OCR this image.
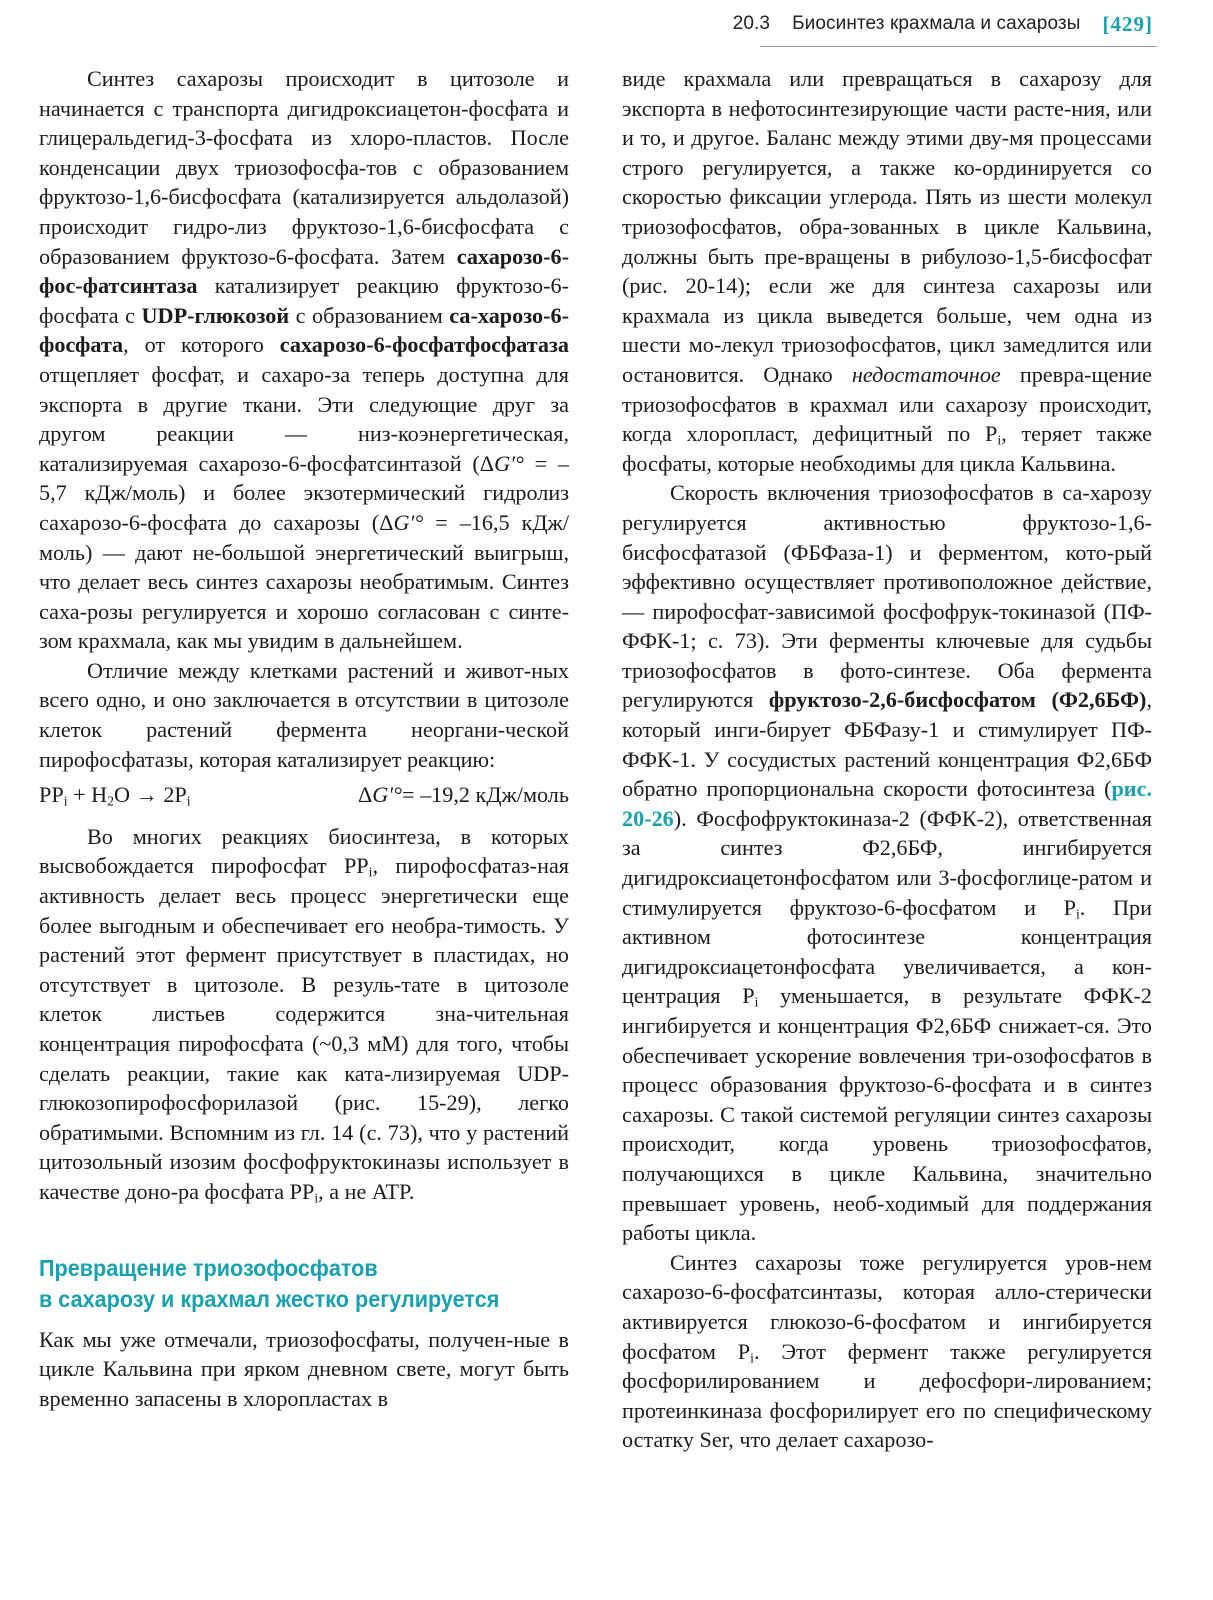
20.3 Биосинтез крахмала и сахарозы [429]

Синтез сахарозы происходит в цитозоле и начинается с транспорта дигидроксиацетон-фосфата и глицеральдегид-3-фосфата из хлоро-пластов. После конденсации двух триозофосфа-тов с образованием фруктозо-1,6-бисфосфата (катализируется альдолазой) происходит гидро-лиз фруктозо-1,6-бисфосфата с образованием фруктозо-6-фосфата. Затем сахарозо-6-фос-фатсинтаза катализирует реакцию фруктозо-6-фосфата с UDP-глюкозой с образованием са-харозо-6-фосфата, от которого сахарозо-6-фосфатфосфатаза отщепляет фосфат, и сахаро-за теперь доступна для экспорта в другие ткани. Эти следующие друг за другом реакции — низ-коэнергетическая, катализируемая сахарозо-6-фосфатсинтазой (ΔG′° = –5,7 кДж/моль) и более экзотермический гидролиз сахарозо-6-фосфата до сахарозы (ΔG′° = –16,5 кДж/моль) — дают не-большой энергетический выигрыш, что делает весь синтез сахарозы необратимым. Синтез саха-розы регулируется и хорошо согласован с синте-зом крахмала, как мы увидим в дальнейшем.

Отличие между клетками растений и живот-ных всего одно, и оно заключается в отсутствии в цитозоле клеток растений фермента неоргани-ческой пирофосфатазы, которая катализирует реакцию:

$PP_i + H_2O \to 2P_i$	ΔG′°= –19,2 кДж/моль

Во многих реакциях биосинтеза, в которых высвобождается пирофосфат $PP_i$, пирофосфатаз-ная активность делает весь процесс энергетически еще более выгодным и обеспечивает его необра-тимость. У растений этот фермент присутствует в пластидах, но отсутствует в цитозоле. В резуль-тате в цитозоле клеток листьев содержится зна-чительная концентрация пирофосфата (~0,3 мМ) для того, чтобы сделать реакции, такие как ката-лизируемая UDP-глюкозопирофосфорилазой (рис. 15-29), легко обратимыми. Вспомним из гл. 14 (с. 73), что у растений цитозольный изозим фосфофруктокиназы использует в качестве доно-ра фосфата $PP_i$, а не ATP.

Превращение триозофосфатов
в сахарозу и крахмал жестко регулируется

Как мы уже отмечали, триозофосфаты, получен-ные в цикле Кальвина при ярком дневном свете, могут быть временно запасены в хлоропластах в

виде крахмала или превращаться в сахарозу для экспорта в нефотосинтезирующие части расте-ния, или и то, и другое. Баланс между этими дву-мя процессами строго регулируется, а также ко-ординируется со скоростью фиксации углерода. Пять из шести молекул триозофосфатов, обра-зованных в цикле Кальвина, должны быть пре-вращены в рибулозо-1,5-бисфосфат (рис. 20-14); если же для синтеза сахарозы или крахмала из цикла выведется больше, чем одна из шести мо-лекул триозофосфатов, цикл замедлится или остановится. Однако недостаточное превра-щение триозофосфатов в крахмал или сахарозу происходит, когда хлоропласт, дефицитный по $P_i$, теряет также фосфаты, которые необходимы для цикла Кальвина.

Скорость включения триозофосфатов в са-харозу регулируется активностью фруктозо-1,6-бисфосфатазой (ФБФаза-1) и ферментом, кото-рый эффективно осуществляет противоположное действие, — пирофосфат-зависимой фосфофрук-токиназой (ПФ-ФФК-1; с. 73). Эти ферменты ключевые для судьбы триозофосфатов в фото-синтезе. Оба фермента регулируются фруктозо-2,6-бисфосфатом (Ф2,6БФ), который инги-бирует ФБФазу-1 и стимулирует ПФ-ФФК-1. У сосудистых растений концентрация Ф2,6БФ обратно пропорциональна скорости фотосинтеза (рис. 20-26). Фосфофруктокиназа-2 (ФФК-2), ответственная за синтез Ф2,6БФ, ингибируется дигидроксиацетонфосфатом или 3-фосфоглице-ратом и стимулируется фруктозо-6-фосфатом и $P_i$. При активном фотосинтезе концентрация дигидроксиацетонфосфата увеличивается, а кон-центрация $P_i$ уменьшается, в результате ФФК-2 ингибируется и концентрация Ф2,6БФ снижает-ся. Это обеспечивает ускорение вовлечения три-озофосфатов в процесс образования фруктозо-6-фосфата и в синтез сахарозы. С такой системой регуляции синтез сахарозы происходит, когда уровень триозофосфатов, получающихся в цикле Кальвина, значительно превышает уровень, необ-ходимый для поддержания работы цикла.

Синтез сахарозы тоже регулируется уров-нем сахарозо-6-фосфатсинтазы, которая алло-стерически активируется глюкозо-6-фосфатом и ингибируется фосфатом $P_i$. Этот фермент также регулируется фосфорилированием и дефосфори-лированием; протеинкиназа фосфорилирует его по специфическому остатку Ser, что делает сахарозо-
